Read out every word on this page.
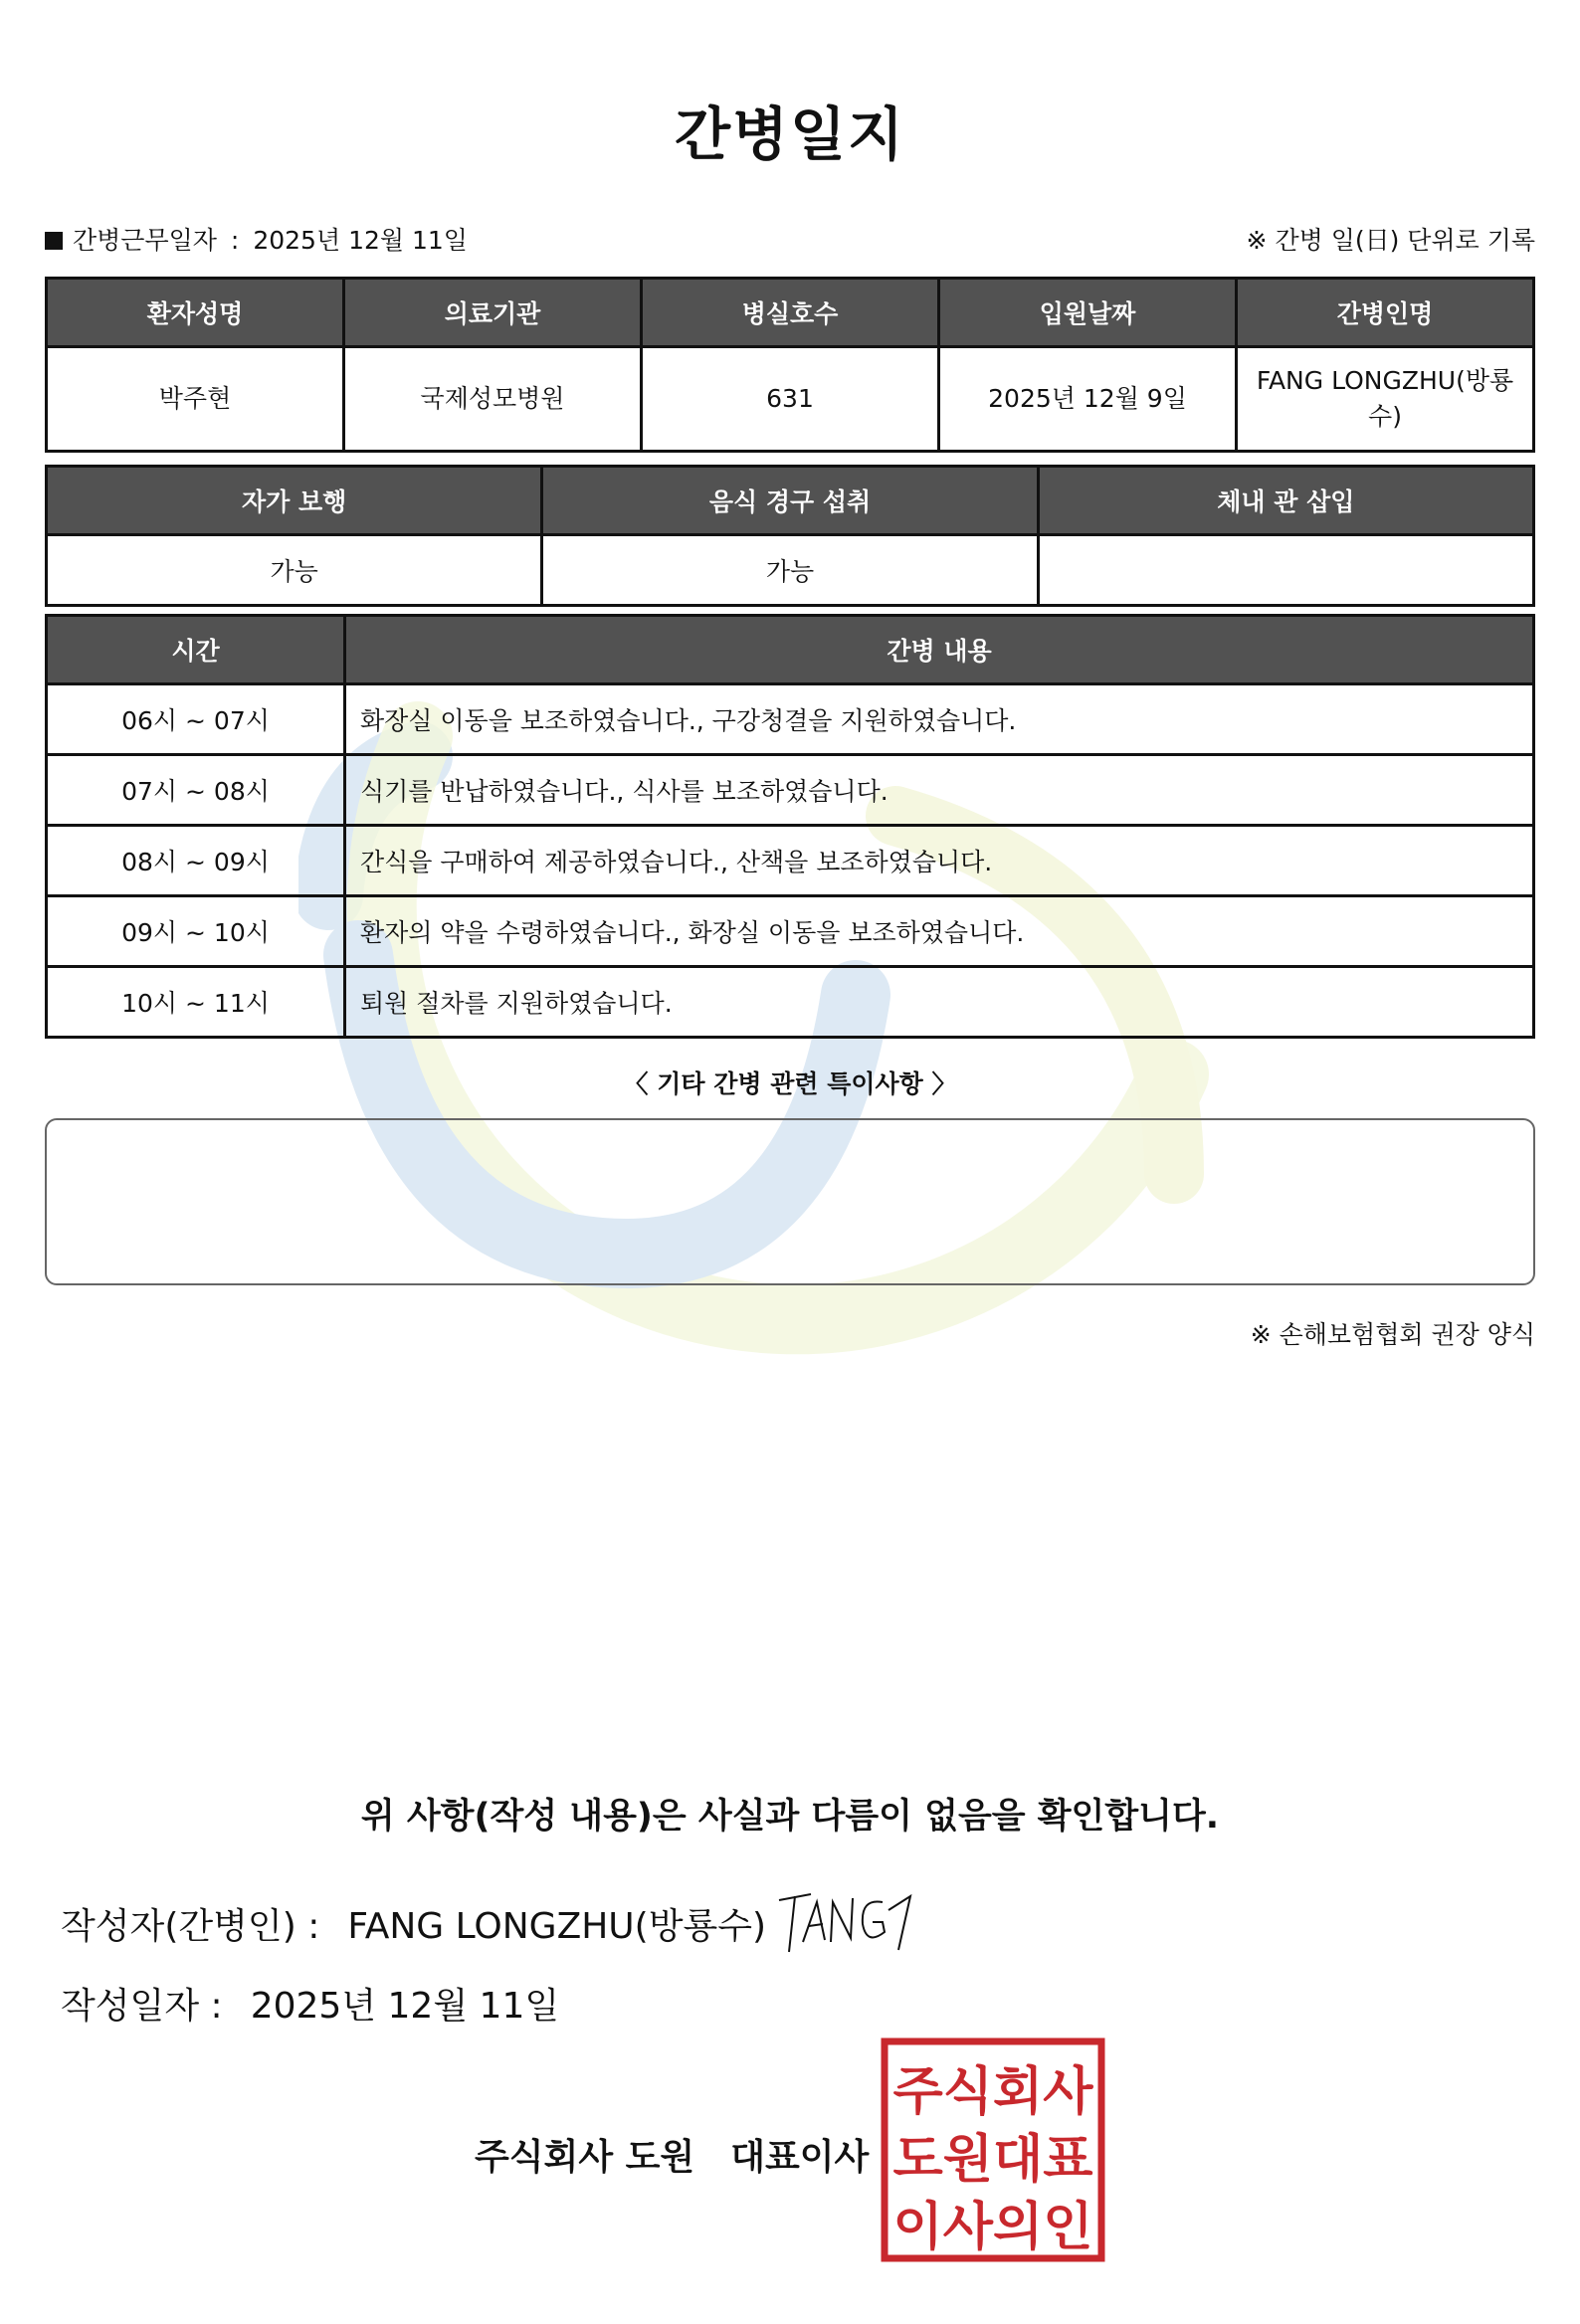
간병일지
간병근무일자 : 2025년 12월 11일	※ 간병 일(日) 단위로 기록
환자성명	의료기관	병실호수	입원날짜	간병인명
박주현	국제성모병원	631	2025년 12월 9일	FANG LONGZHU(방룡수)
자가 보행	음식 경구 섭취	체내 관 삽입
가능	가능	
시간	간병 내용
06시 ~ 07시	화장실 이동을 보조하였습니다., 구강청결을 지원하였습니다.
07시 ~ 08시	식기를 반납하였습니다., 식사를 보조하였습니다.
08시 ~ 09시	간식을 구매하여 제공하였습니다., 산책을 보조하였습니다.
09시 ~ 10시	환자의 약을 수령하였습니다., 화장실 이동을 보조하였습니다.
10시 ~ 11시	퇴원 절차를 지원하였습니다.
〈 기타 간병 관련 특이사항 〉
※ 손해보험협회 권장 양식
위 사항(작성 내용)은 사실과 다름이 없음을 확인합니다.
작성자(간병인) : FANG LONGZHU(방룡수)
작성일자 : 2025년 12월 11일
주식회사 도원 대표이사
주식회사
도원대표
이사의인
